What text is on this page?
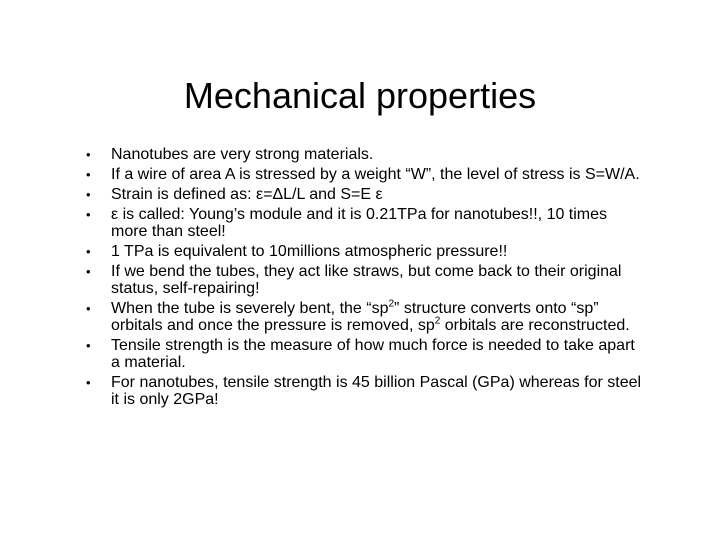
Mechanical properties
• Nanotubes are very strong materials.
• If a wire of area A is stressed by a weight “W”, the level of stress is S=W/A.
• Strain is defined as: ε=ΔL/L and S=E ε
• ε is called: Young’s module and it is 0.21TPa for nanotubes!!, 10 times more than steel!
• 1 TPa is equivalent to 10millions atmospheric pressure!!
• If we bend the tubes, they act like straws, but come back to their original status, self-repairing!
• When the tube is severely bent, the “$sp^2$” structure converts onto “sp” orbitals and once the pressure is removed, $sp^2$ orbitals are reconstructed.
• Tensile strength is the measure of how much force is needed to take apart a material.
• For nanotubes, tensile strength is 45 billion Pascal (GPa) whereas for steel it is only 2GPa!
